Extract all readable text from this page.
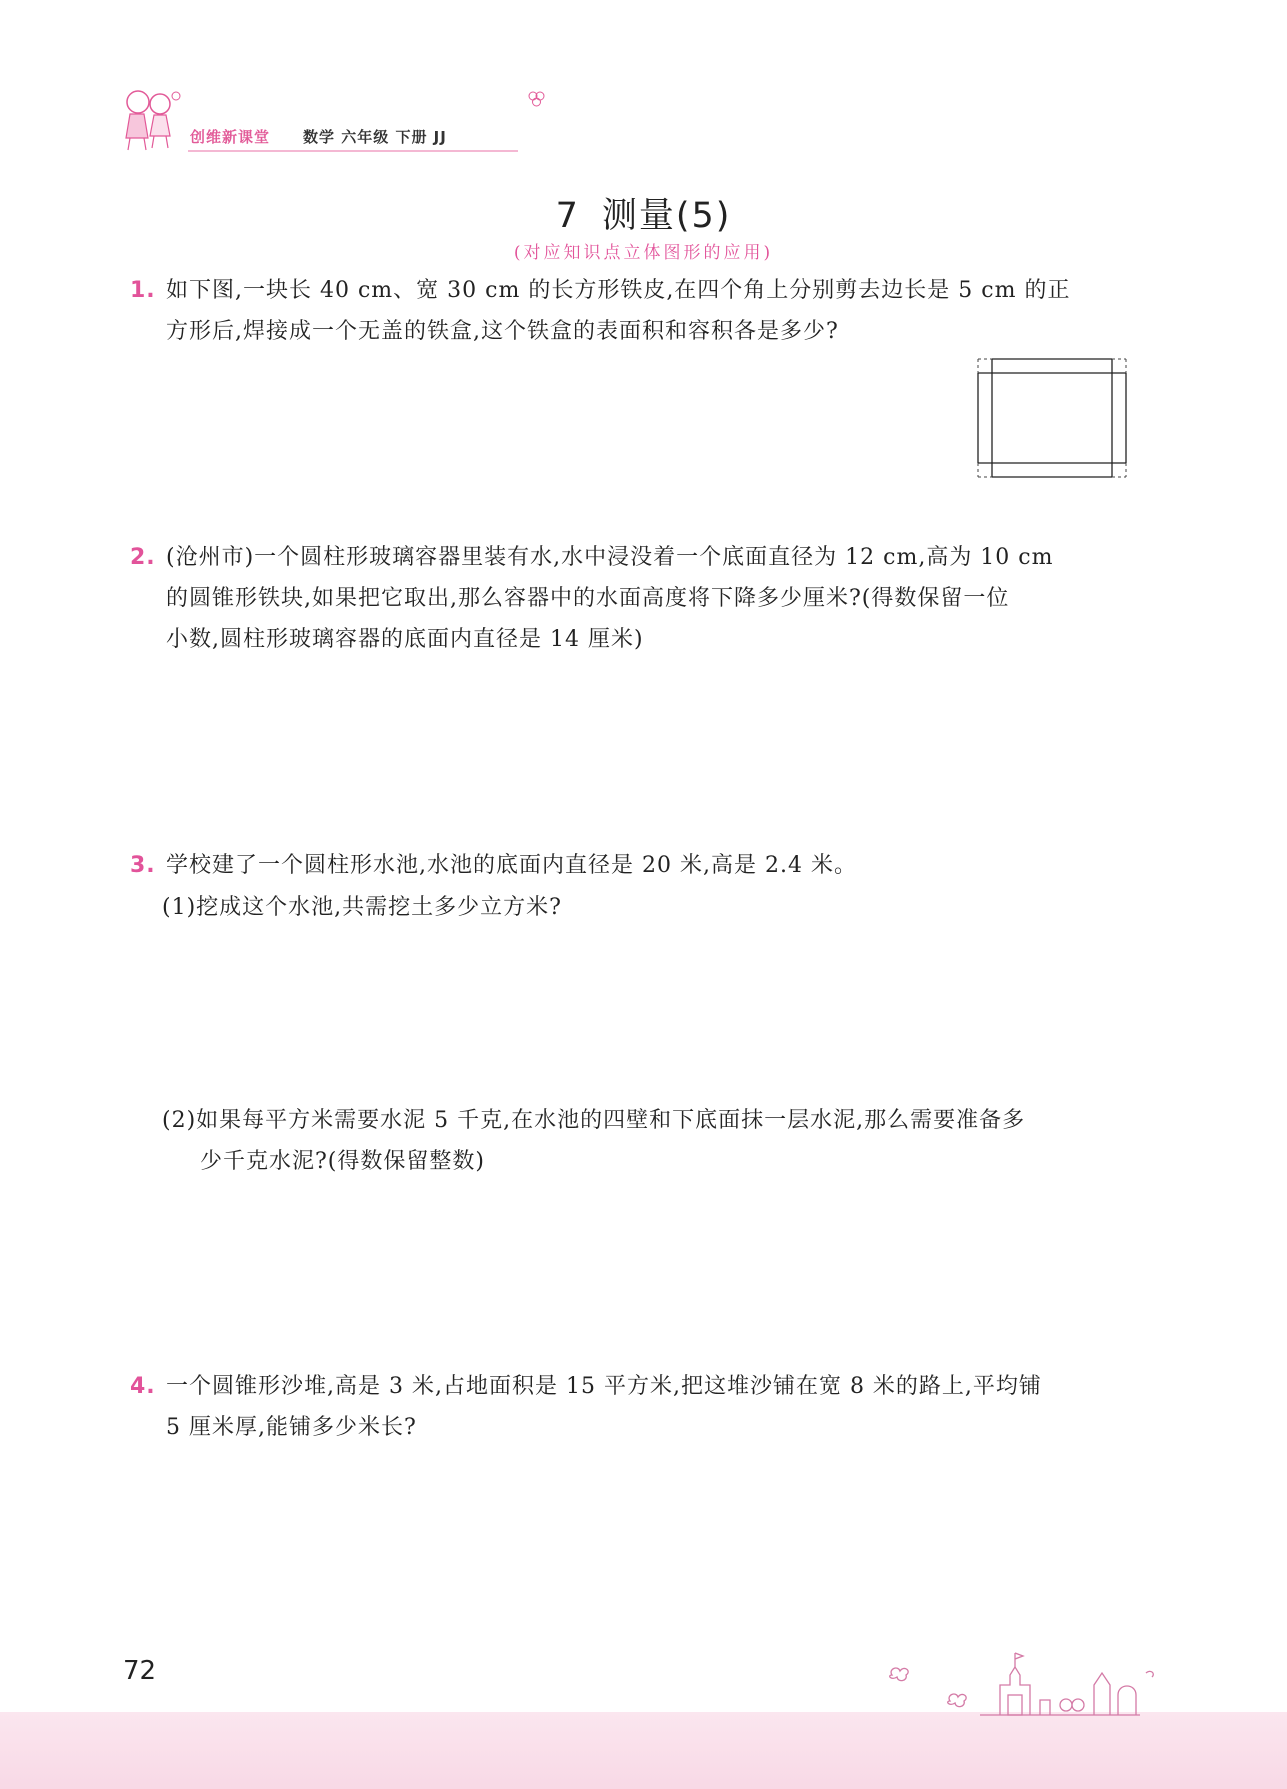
创维新课堂 数学 六年级 下册 JJ
7 测量(5)
(对应知识点立体图形的应用)
1. 如下图,一块长 40 cm、宽 30 cm 的长方形铁皮,在四个角上分别剪去边长是 5 cm 的正
方形后,焊接成一个无盖的铁盒,这个铁盒的表面积和容积各是多少?
2. (沧州市)一个圆柱形玻璃容器里装有水,水中浸没着一个底面直径为 12 cm,高为 10 cm
的圆锥形铁块,如果把它取出,那么容器中的水面高度将下降多少厘米?(得数保留一位
小数,圆柱形玻璃容器的底面内直径是 14 厘米)
3. 学校建了一个圆柱形水池,水池的底面内直径是 20 米,高是 2.4 米。
(1)挖成这个水池,共需挖土多少立方米?
(2)如果每平方米需要水泥 5 千克,在水池的四壁和下底面抹一层水泥,那么需要准备多
少千克水泥?(得数保留整数)
4. 一个圆锥形沙堆,高是 3 米,占地面积是 15 平方米,把这堆沙铺在宽 8 米的路上,平均铺
5 厘米厚,能铺多少米长?
72
